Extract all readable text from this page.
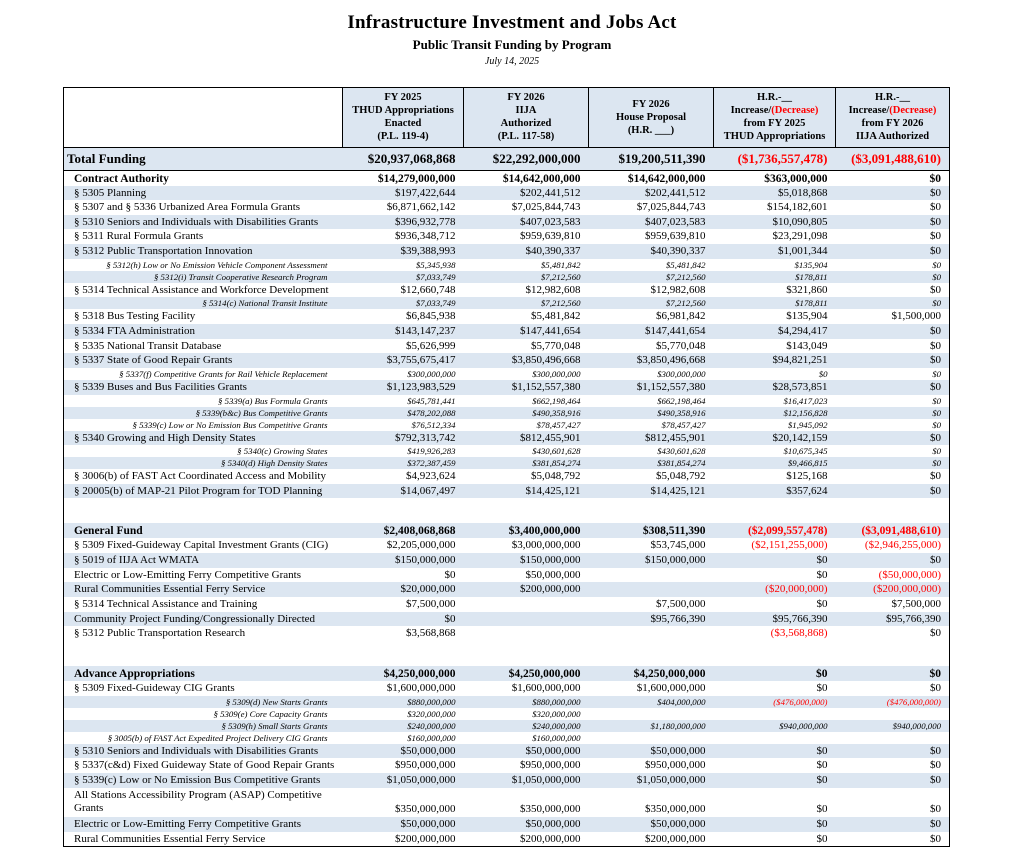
Infrastructure Investment and Jobs Act
Public Transit Funding by Program
July 14, 2025

FY 2025
THUD Appropriations
Enacted
(P.L. 119-4)

FY 2026
IIJA
Authorized
(P.L. 117-58)

FY 2026
House Proposal
(H.R. ___)

H.R.-__
Increase/(Decrease)
from FY 2025
THUD Appropriations

H.R.-__
Increase/(Decrease)
from FY 2026
IIJA Authorized

Total Funding	$20,937,068,868	$22,292,000,000	$19,200,511,390	($1,736,557,478)	($3,091,488,610)
Contract Authority	$14,279,000,000	$14,642,000,000	$14,642,000,000	$363,000,000	$0
§ 5305 Planning	$197,422,644	$202,441,512	$202,441,512	$5,018,868	$0
§ 5307 and § 5336 Urbanized Area Formula Grants	$6,871,662,142	$7,025,844,743	$7,025,844,743	$154,182,601	$0
§ 5310 Seniors and Individuals with Disabilities Grants	$396,932,778	$407,023,583	$407,023,583	$10,090,805	$0
§ 5311 Rural Formula Grants	$936,348,712	$959,639,810	$959,639,810	$23,291,098	$0
§ 5312 Public Transportation Innovation	$39,388,993	$40,390,337	$40,390,337	$1,001,344	$0
§ 5312(h) Low or No Emission Vehicle Component Assessment	$5,345,938	$5,481,842	$5,481,842	$135,904	$0
§ 5312(i) Transit Cooperative Research Program	$7,033,749	$7,212,560	$7,212,560	$178,811	$0
§ 5314 Technical Assistance and Workforce Development	$12,660,748	$12,982,608	$12,982,608	$321,860	$0
§ 5314(c) National Transit Institute	$7,033,749	$7,212,560	$7,212,560	$178,811	$0
§ 5318 Bus Testing Facility	$6,845,938	$5,481,842	$6,981,842	$135,904	$1,500,000
§ 5334 FTA Administration	$143,147,237	$147,441,654	$147,441,654	$4,294,417	$0
§ 5335 National Transit Database	$5,626,999	$5,770,048	$5,770,048	$143,049	$0
§ 5337 State of Good Repair Grants	$3,755,675,417	$3,850,496,668	$3,850,496,668	$94,821,251	$0
§ 5337(f) Competitive Grants for Rail Vehicle Replacement	$300,000,000	$300,000,000	$300,000,000	$0	$0
§ 5339 Buses and Bus Facilities Grants	$1,123,983,529	$1,152,557,380	$1,152,557,380	$28,573,851	$0
§ 5339(a) Bus Formula Grants	$645,781,441	$662,198,464	$662,198,464	$16,417,023	$0
§ 5339(b&c) Bus Competitive Grants	$478,202,088	$490,358,916	$490,358,916	$12,156,828	$0
§ 5339(c) Low or No Emission Bus Competitive Grants	$76,512,334	$78,457,427	$78,457,427	$1,945,092	$0
§ 5340 Growing and High Density States	$792,313,742	$812,455,901	$812,455,901	$20,142,159	$0
§ 5340(c) Growing States	$419,926,283	$430,601,628	$430,601,628	$10,675,345	$0
§ 5340(d) High Density States	$372,387,459	$381,854,274	$381,854,274	$9,466,815	$0
§ 3006(b) of FAST Act Coordinated Access and Mobility	$4,923,624	$5,048,792	$5,048,792	$125,168	$0
§ 20005(b) of MAP-21 Pilot Program for TOD Planning	$14,067,497	$14,425,121	$14,425,121	$357,624	$0

General Fund	$2,408,068,868	$3,400,000,000	$308,511,390	($2,099,557,478)	($3,091,488,610)
§ 5309 Fixed-Guideway Capital Investment Grants (CIG)	$2,205,000,000	$3,000,000,000	$53,745,000	($2,151,255,000)	($2,946,255,000)
§ 5019 of IIJA Act WMATA	$150,000,000	$150,000,000	$150,000,000	$0	$0
Electric or Low-Emitting Ferry Competitive Grants	$0	$50,000,000		$0	($50,000,000)
Rural Communities Essential Ferry Service	$20,000,000	$200,000,000		($20,000,000)	($200,000,000)
§ 5314 Technical Assistance and Training	$7,500,000		$7,500,000	$0	$7,500,000
Community Project Funding/Congressionally Directed	$0		$95,766,390	$95,766,390	$95,766,390
§ 5312 Public Transportation Research	$3,568,868			($3,568,868)	$0

Advance Appropriations	$4,250,000,000	$4,250,000,000	$4,250,000,000	$0	$0
§ 5309 Fixed-Guideway CIG Grants	$1,600,000,000	$1,600,000,000	$1,600,000,000	$0	$0
§ 5309(d) New Starts Grants	$880,000,000	$880,000,000	$404,000,000	($476,000,000)	($476,000,000)
§ 5309(e) Core Capacity Grants	$320,000,000	$320,000,000			
§ 5309(h) Small Starts Grants	$240,000,000	$240,000,000	$1,180,000,000	$940,000,000	$940,000,000
§ 3005(b) of FAST Act Expedited Project Delivery CIG Grants	$160,000,000	$160,000,000			
§ 5310 Seniors and Individuals with Disabilities Grants	$50,000,000	$50,000,000	$50,000,000	$0	$0
§ 5337(c&d) Fixed Guideway State of Good Repair Grants	$950,000,000	$950,000,000	$950,000,000	$0	$0
§ 5339(c) Low or No Emission Bus Competitive Grants	$1,050,000,000	$1,050,000,000	$1,050,000,000	$0	$0
All Stations Accessibility Program (ASAP) Competitive Grants	$350,000,000	$350,000,000	$350,000,000	$0	$0
Electric or Low-Emitting Ferry Competitive Grants	$50,000,000	$50,000,000	$50,000,000	$0	$0
Rural Communities Essential Ferry Service	$200,000,000	$200,000,000	$200,000,000	$0	$0
